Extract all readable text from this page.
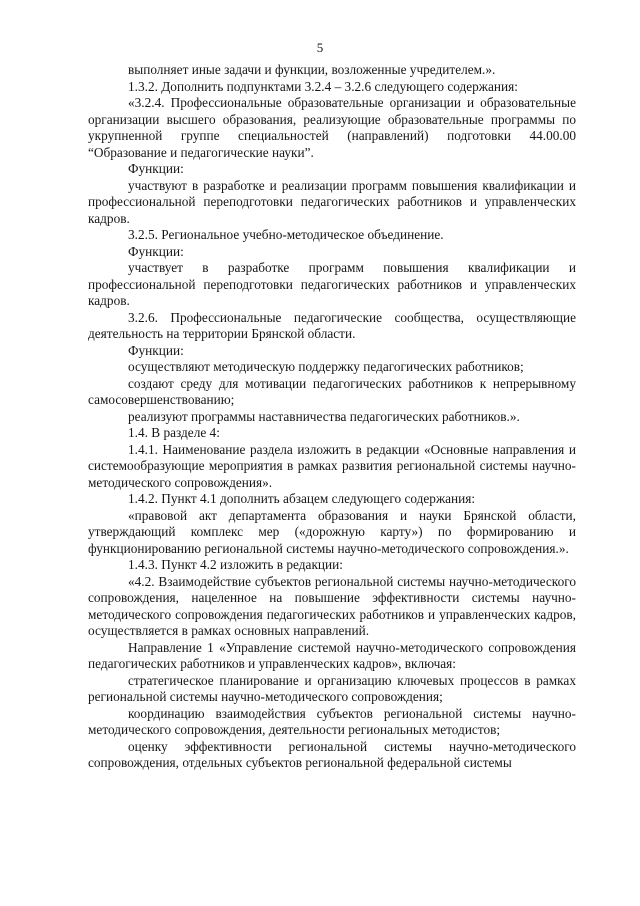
5

выполняет иные задачи и функции, возложенные учредителем.».

1.3.2. Дополнить подпунктами 3.2.4 – 3.2.6 следующего содержания:

«3.2.4. Профессиональные образовательные организации и образовательные организации высшего образования, реализующие образовательные программы по укрупненной группе специальностей (направлений) подготовки 44.00.00 “Образование и педагогические науки”.

Функции:

участвуют в разработке и реализации программ повышения квалификации и профессиональной переподготовки педагогических работников и управленческих кадров.

3.2.5. Региональное учебно-методическое объединение.

Функции:

участвует в разработке программ повышения квалификации и профессиональной переподготовки педагогических работников и управленческих кадров.

3.2.6. Профессиональные педагогические сообщества, осуществляющие деятельность на территории Брянской области.

Функции:

осуществляют методическую поддержку педагогических работников;

создают среду для мотивации педагогических работников к непрерывному самосовершенствованию;

реализуют программы наставничества педагогических работников.».

1.4. В разделе 4:

1.4.1. Наименование раздела изложить в редакции «Основные направления и системообразующие мероприятия в рамках развития региональной системы научно-методического сопровождения».

1.4.2. Пункт 4.1 дополнить абзацем следующего содержания:

«правовой акт департамента образования и науки Брянской области, утверждающий комплекс мер («дорожную карту») по формированию и функционированию региональной системы научно-методического сопровождения.».

1.4.3. Пункт 4.2 изложить в редакции:

«4.2. Взаимодействие субъектов региональной системы научно-методического сопровождения, нацеленное на повышение эффективности системы научно-методического сопровождения педагогических работников и управленческих кадров, осуществляется в рамках основных направлений.

Направление 1 «Управление системой научно-методического сопровождения педагогических работников и управленческих кадров», включая:

стратегическое планирование и организацию ключевых процессов в рамках региональной системы научно-методического сопровождения;

координацию взаимодействия субъектов региональной системы научно-методического сопровождения, деятельности региональных методистов;

оценку эффективности региональной системы научно-методического сопровождения, отдельных субъектов региональной федеральной системы
